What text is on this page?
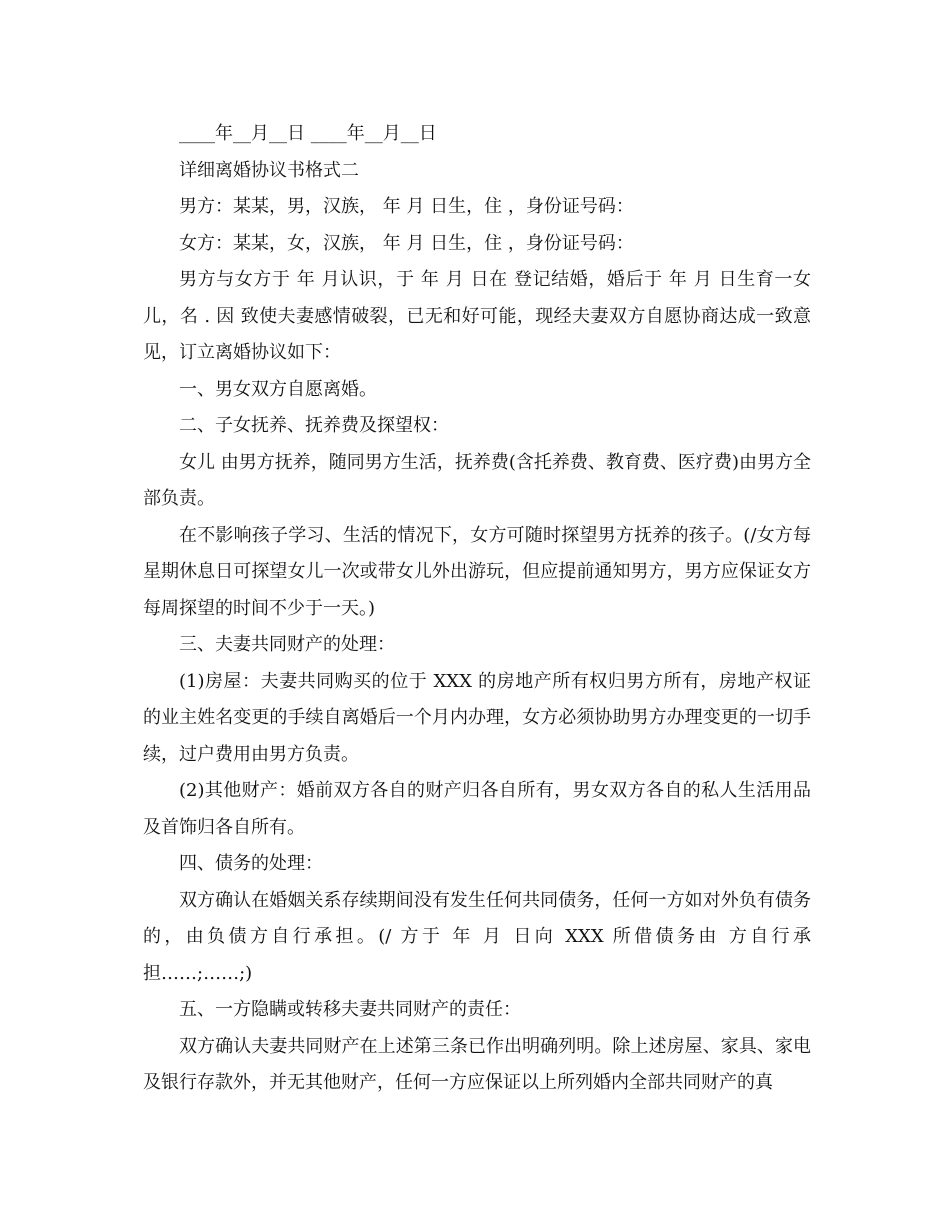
____年__月__日 ____年__月__日

详细离婚协议书格式二

男方：某某，男，汉族， 年 月 日生，住 ，身份证号码：

女方：某某，女，汉族， 年 月 日生，住 ，身份证号码：

男方与女方于 年 月认识，于 年 月 日在 登记结婚，婚后于 年 月 日生育一女儿，名 . 因 致使夫妻感情破裂，已无和好可能，现经夫妻双方自愿协商达成一致意见，订立离婚协议如下：

一、男女双方自愿离婚。

二、子女抚养、抚养费及探望权：

女儿 由男方抚养，随同男方生活，抚养费(含托养费、教育费、医疗费)由男方全部负责。

在不影响孩子学习、生活的情况下，女方可随时探望男方抚养的孩子。(/女方每星期休息日可探望女儿一次或带女儿外出游玩，但应提前通知男方，男方应保证女方每周探望的时间不少于一天。)

三、夫妻共同财产的处理：

(1)房屋：夫妻共同购买的位于 XXX 的房地产所有权归男方所有，房地产权证的业主姓名变更的手续自离婚后一个月内办理，女方必须协助男方办理变更的一切手续，过户费用由男方负责。

(2)其他财产：婚前双方各自的财产归各自所有，男女双方各自的私人生活用品及首饰归各自所有。

四、债务的处理：

双方确认在婚姻关系存续期间没有发生任何共同债务，任何一方如对外负有债务的，由负债方自行承担。(/ 方于 年 月 日向 XXX 所借债务由 方自行承担……;……;)

五、一方隐瞒或转移夫妻共同财产的责任：

双方确认夫妻共同财产在上述第三条已作出明确列明。除上述房屋、家具、家电及银行存款外，并无其他财产，任何一方应保证以上所列婚内全部共同财产的真
